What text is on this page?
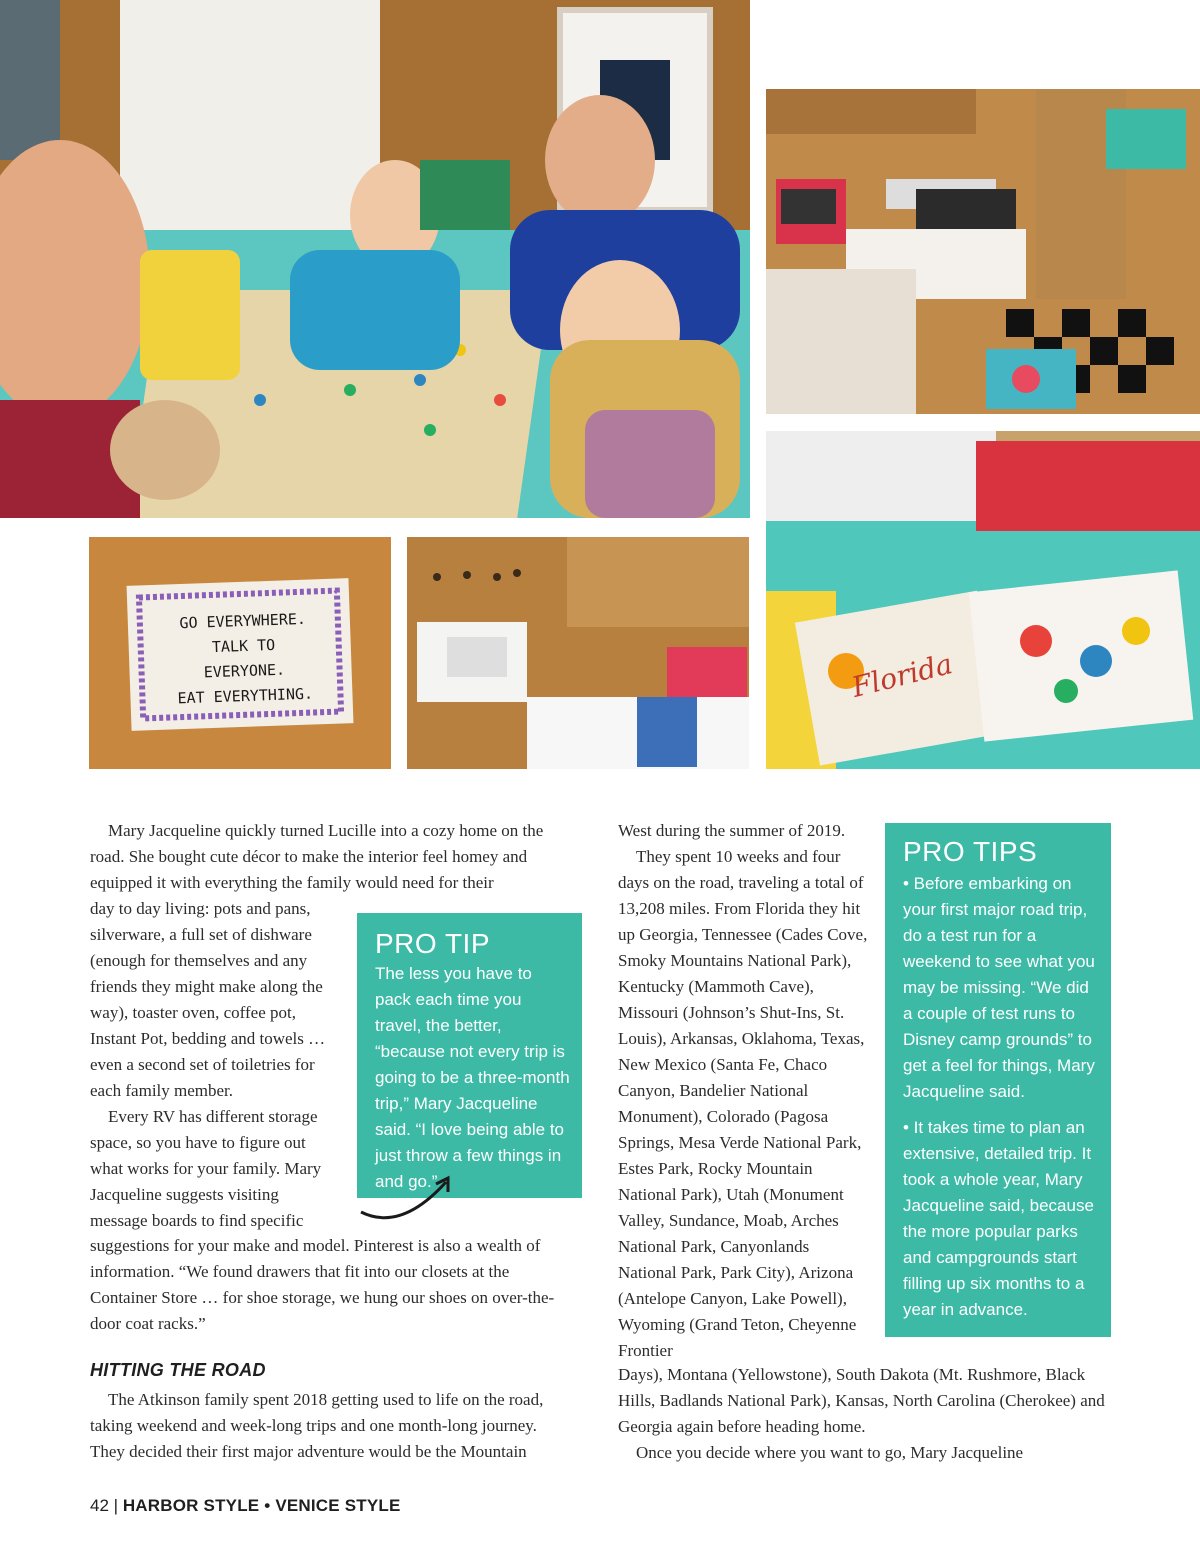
GO EVERYWHERE.
TALK TO EVERYONE.
EAT EVERYTHING.	Florida

Mary Jacqueline quickly turned Lucille into a cozy home on the road. She bought cute décor to make the interior feel homey and equipped it with everything the family would need for their

day to day living: pots and pans, silverware, a full set of dishware (enough for themselves and any friends they might make along the way), toaster oven, coffee pot, Instant Pot, bedding and towels … even a second set of toiletries for each family member.

Every RV has different storage space, so you have to figure out what works for your family. Mary Jacqueline suggests visiting message boards to find specific

suggestions for your make and model. Pinterest is also a wealth of information. “We found drawers that fit into our closets at the Container Store … for shoe storage, we hung our shoes on over-the-door coat racks.”

HITTING THE ROAD

The Atkinson family spent 2018 getting used to life on the road, taking weekend and week-long trips and one month-long journey. They decided their first major adventure would be the Mountain

PRO TIP
The less you have to pack each time you travel, the better, “because not every trip is going to be a three-month trip,” Mary Jacqueline said. “I love being able to just throw a few things in and go.”

West during the summer of 2019.

They spent 10 weeks and four days on the road, traveling a total of 13,208 miles. From Florida they hit up Georgia, Tennessee (Cades Cove, Smoky Mountains National Park), Kentucky (Mammoth Cave), Missouri (Johnson’s Shut-Ins, St. Louis), Arkansas, Oklahoma, Texas, New Mexico (Santa Fe, Chaco Canyon, Bandelier National Monument), Colorado (Pagosa Springs, Mesa Verde National Park, Estes Park, Rocky Mountain National Park), Utah (Monument Valley, Sundance, Moab, Arches National Park, Canyonlands National Park, Park City), Arizona (Antelope Canyon, Lake Powell), Wyoming (Grand Teton, Cheyenne Frontier

Days), Montana (Yellowstone), South Dakota (Mt. Rushmore, Black Hills, Badlands National Park), Kansas, North Carolina (Cherokee) and Georgia again before heading home.

Once you decide where you want to go, Mary Jacqueline

PRO TIPS

• Before embarking on your first major road trip, do a test run for a weekend to see what you may be missing. “We did a couple of test runs to Disney camp grounds” to get a feel for things, Mary Jacqueline said.

• It takes time to plan an extensive, detailed trip. It took a whole year, Mary Jacqueline said, because the more popular parks and campgrounds start filling up six months to a year in advance.

42 | HARBOR STYLE • VENICE STYLE
